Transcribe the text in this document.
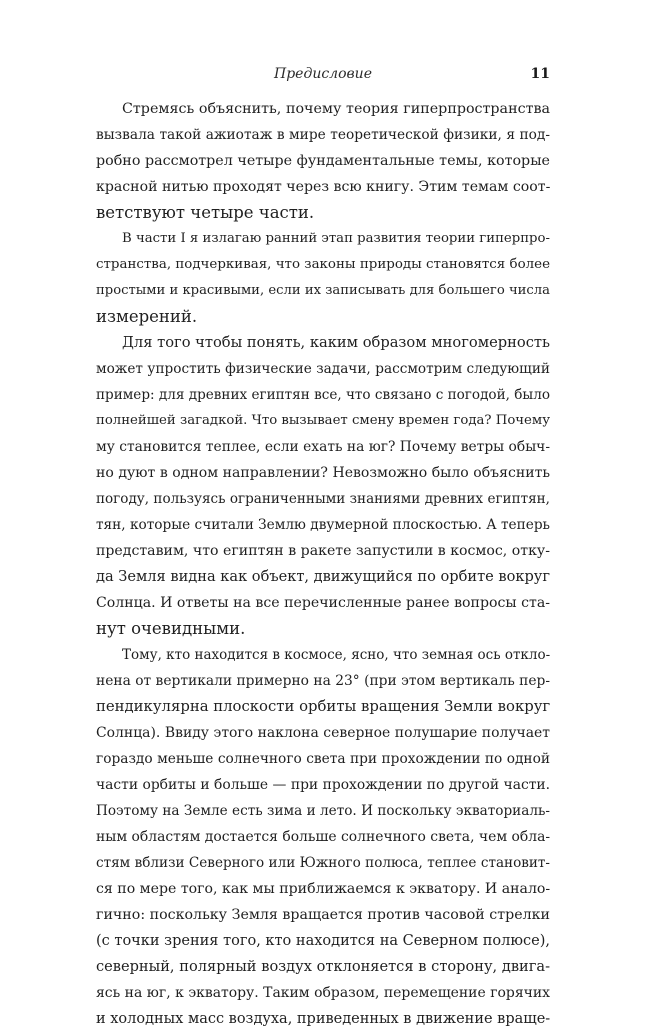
Предисловие	11
Стремясь объяснить, почему теория гиперпространства
вызвала такой ажиотаж в мире теоретической физики, я под-
робно рассмотрел четыре фундаментальные темы, которые
красной нитью проходят через всю книгу. Этим темам соот-
ветствуют четыре части.
В части I я излагаю ранний этап развития теории гиперпро-
странства, подчеркивая, что законы природы становятся более
простыми и красивыми, если их записывать для большего числа
измерений.
Для того чтобы понять, каким образом многомерность
может упростить физические задачи, рассмотрим следующий
пример: для древних египтян все, что связано с погодой, было
полнейшей загадкой. Что вызывает смену времен года? Почему
му становится теплее, если ехать на юг? Почему ветры обыч-
но дуют в одном направлении? Невозможно было объяснить
погоду, пользуясь ограниченными знаниями древних египтян,
тян, которые считали Землю двумерной плоскостью. А теперь
представим, что египтян в ракете запустили в космос, отку-
да Земля видна как объект, движущийся по орбите вокруг
Солнца. И ответы на все перечисленные ранее вопросы ста-
нут очевидными.
Тому, кто находится в космосе, ясно, что земная ось откло-
нена от вертикали примерно на 23° (при этом вертикаль пер-
пендикулярна плоскости орбиты вращения Земли вокруг
Солнца). Ввиду этого наклона северное полушарие получает
гораздо меньше солнечного света при прохождении по одной
части орбиты и больше — при прохождении по другой части.
Поэтому на Земле есть зима и лето. И поскольку экваториаль-
ным областям достается больше солнечного света, чем обла-
стям вблизи Северного или Южного полюса, теплее становит-
ся по мере того, как мы приближаемся к экватору. И анало-
гично: поскольку Земля вращается против часовой стрелки
(с точки зрения того, кто находится на Северном полюсе),
северный, полярный воздух отклоняется в сторону, двига-
ясь на юг, к экватору. Таким образом, перемещение горячих
и холодных масс воздуха, приведенных в движение враще-
